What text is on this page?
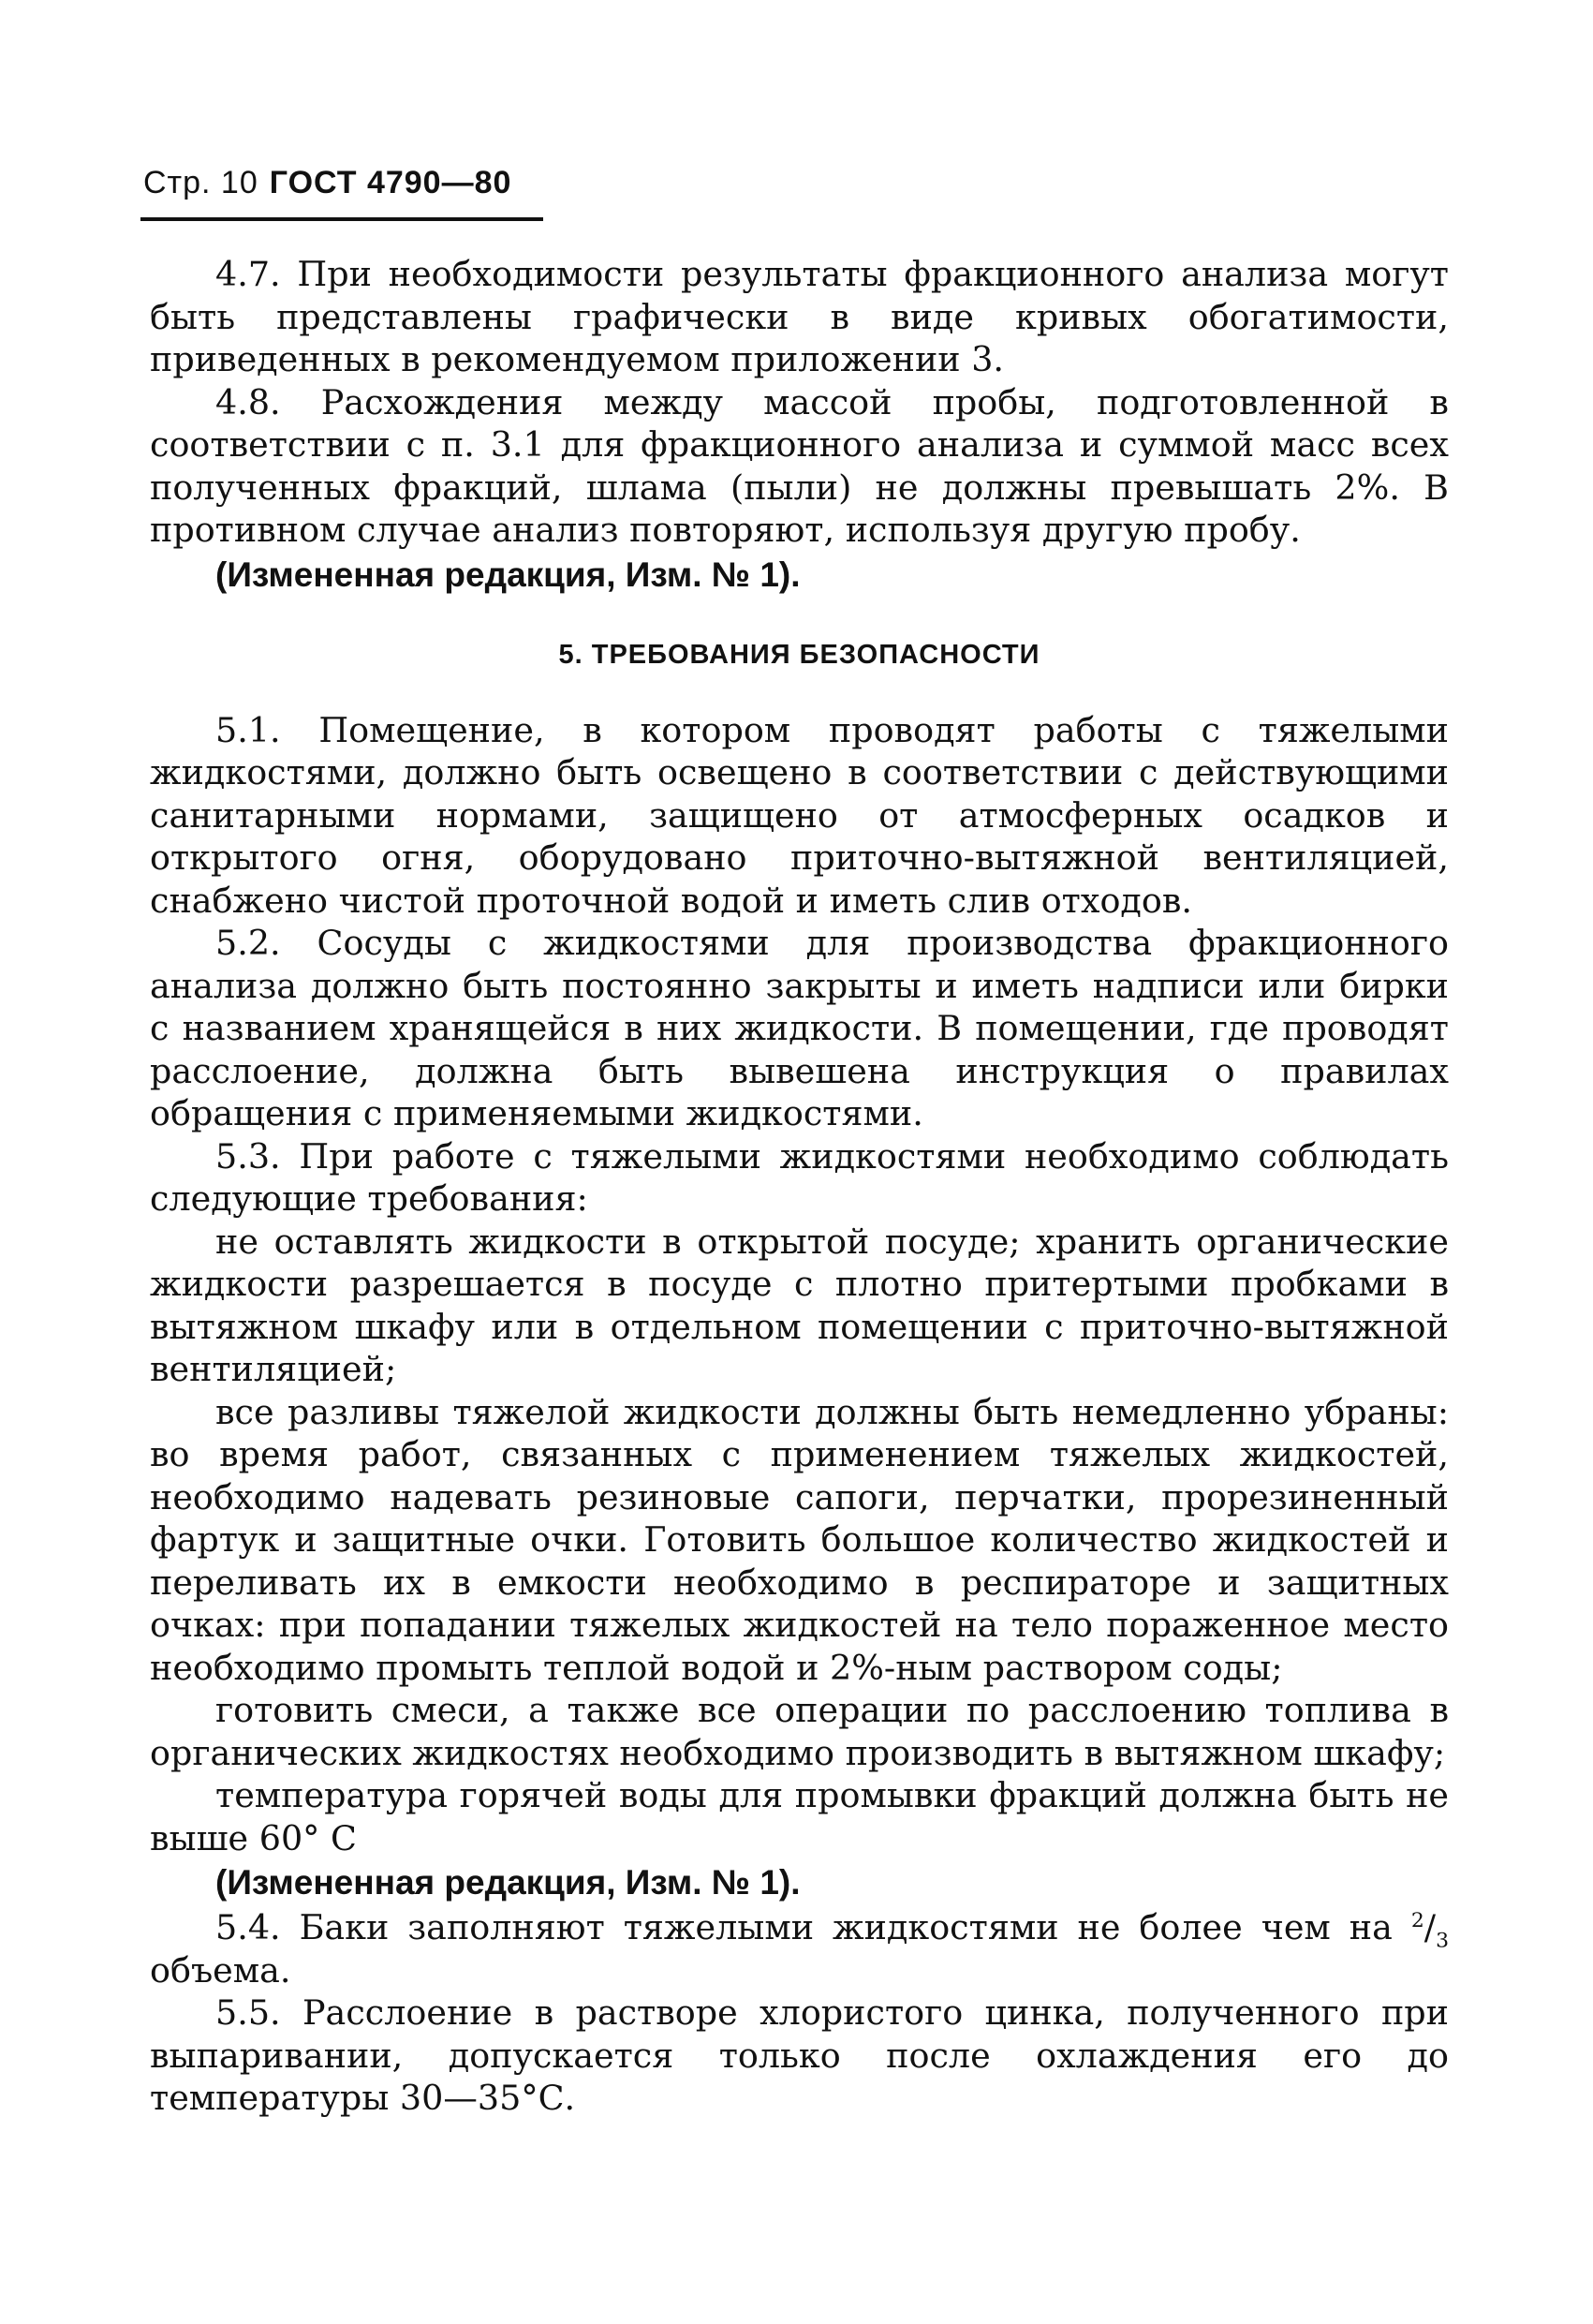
Стр. 10 ГОСТ 4790—80

4.7. При необходимости результаты фракционного анализа могут быть представлены графически в виде кривых обогатимости, приведенных в рекомендуемом приложении 3.

4.8. Расхождения между массой пробы, подготовленной в соответствии с п. 3.1 для фракционного анализа и суммой масс всех полученных фракций, шлама (пыли) не должны превышать 2%. В противном случае анализ повторяют, используя другую пробу.

(Измененная редакция, Изм. № 1).

5. ТРЕБОВАНИЯ БЕЗОПАСНОСТИ

5.1. Помещение, в котором проводят работы с тяжелыми жидкостями, должно быть освещено в соответствии с действующими санитарными нормами, защищено от атмосферных осадков и открытого огня, оборудовано приточно-вытяжной вентиляцией, снабжено чистой проточной водой и иметь слив отходов.

5.2. Сосуды с жидкостями для производства фракционного анализа должно быть постоянно закрыты и иметь надписи или бирки с названием хранящейся в них жидкости. В помещении, где проводят расслоение, должна быть вывешена инструкция о правилах обращения с применяемыми жидкостями.

5.3. При работе с тяжелыми жидкостями необходимо соблюдать следующие требования:

не оставлять жидкости в открытой посуде; хранить органические жидкости разрешается в посуде с плотно притертыми пробками в вытяжном шкафу или в отдельном помещении с приточно-вытяжной вентиляцией;

все разливы тяжелой жидкости должны быть немедленно убраны: во время работ, связанных с применением тяжелых жидкостей, необходимо надевать резиновые сапоги, перчатки, прорезиненный фартук и защитные очки. Готовить большое количество жидкостей и переливать их в емкости необходимо в респираторе и защитных очках: при попадании тяжелых жидкостей на тело пораженное место необходимо промыть теплой водой и 2%-ным раствором соды;

готовить смеси, а также все операции по расслоению топлива в органических жидкостях необходимо производить в вытяжном шкафу;

температура горячей воды для промывки фракций должна быть не выше 60° С

(Измененная редакция, Изм. № 1).

5.4. Баки заполняют тяжелыми жидкостями не более чем на $^2/_3$ объема.

5.5. Расслоение в растворе хлористого цинка, полученного при выпаривании, допускается только после охлаждения его до температуры 30—35°С.
